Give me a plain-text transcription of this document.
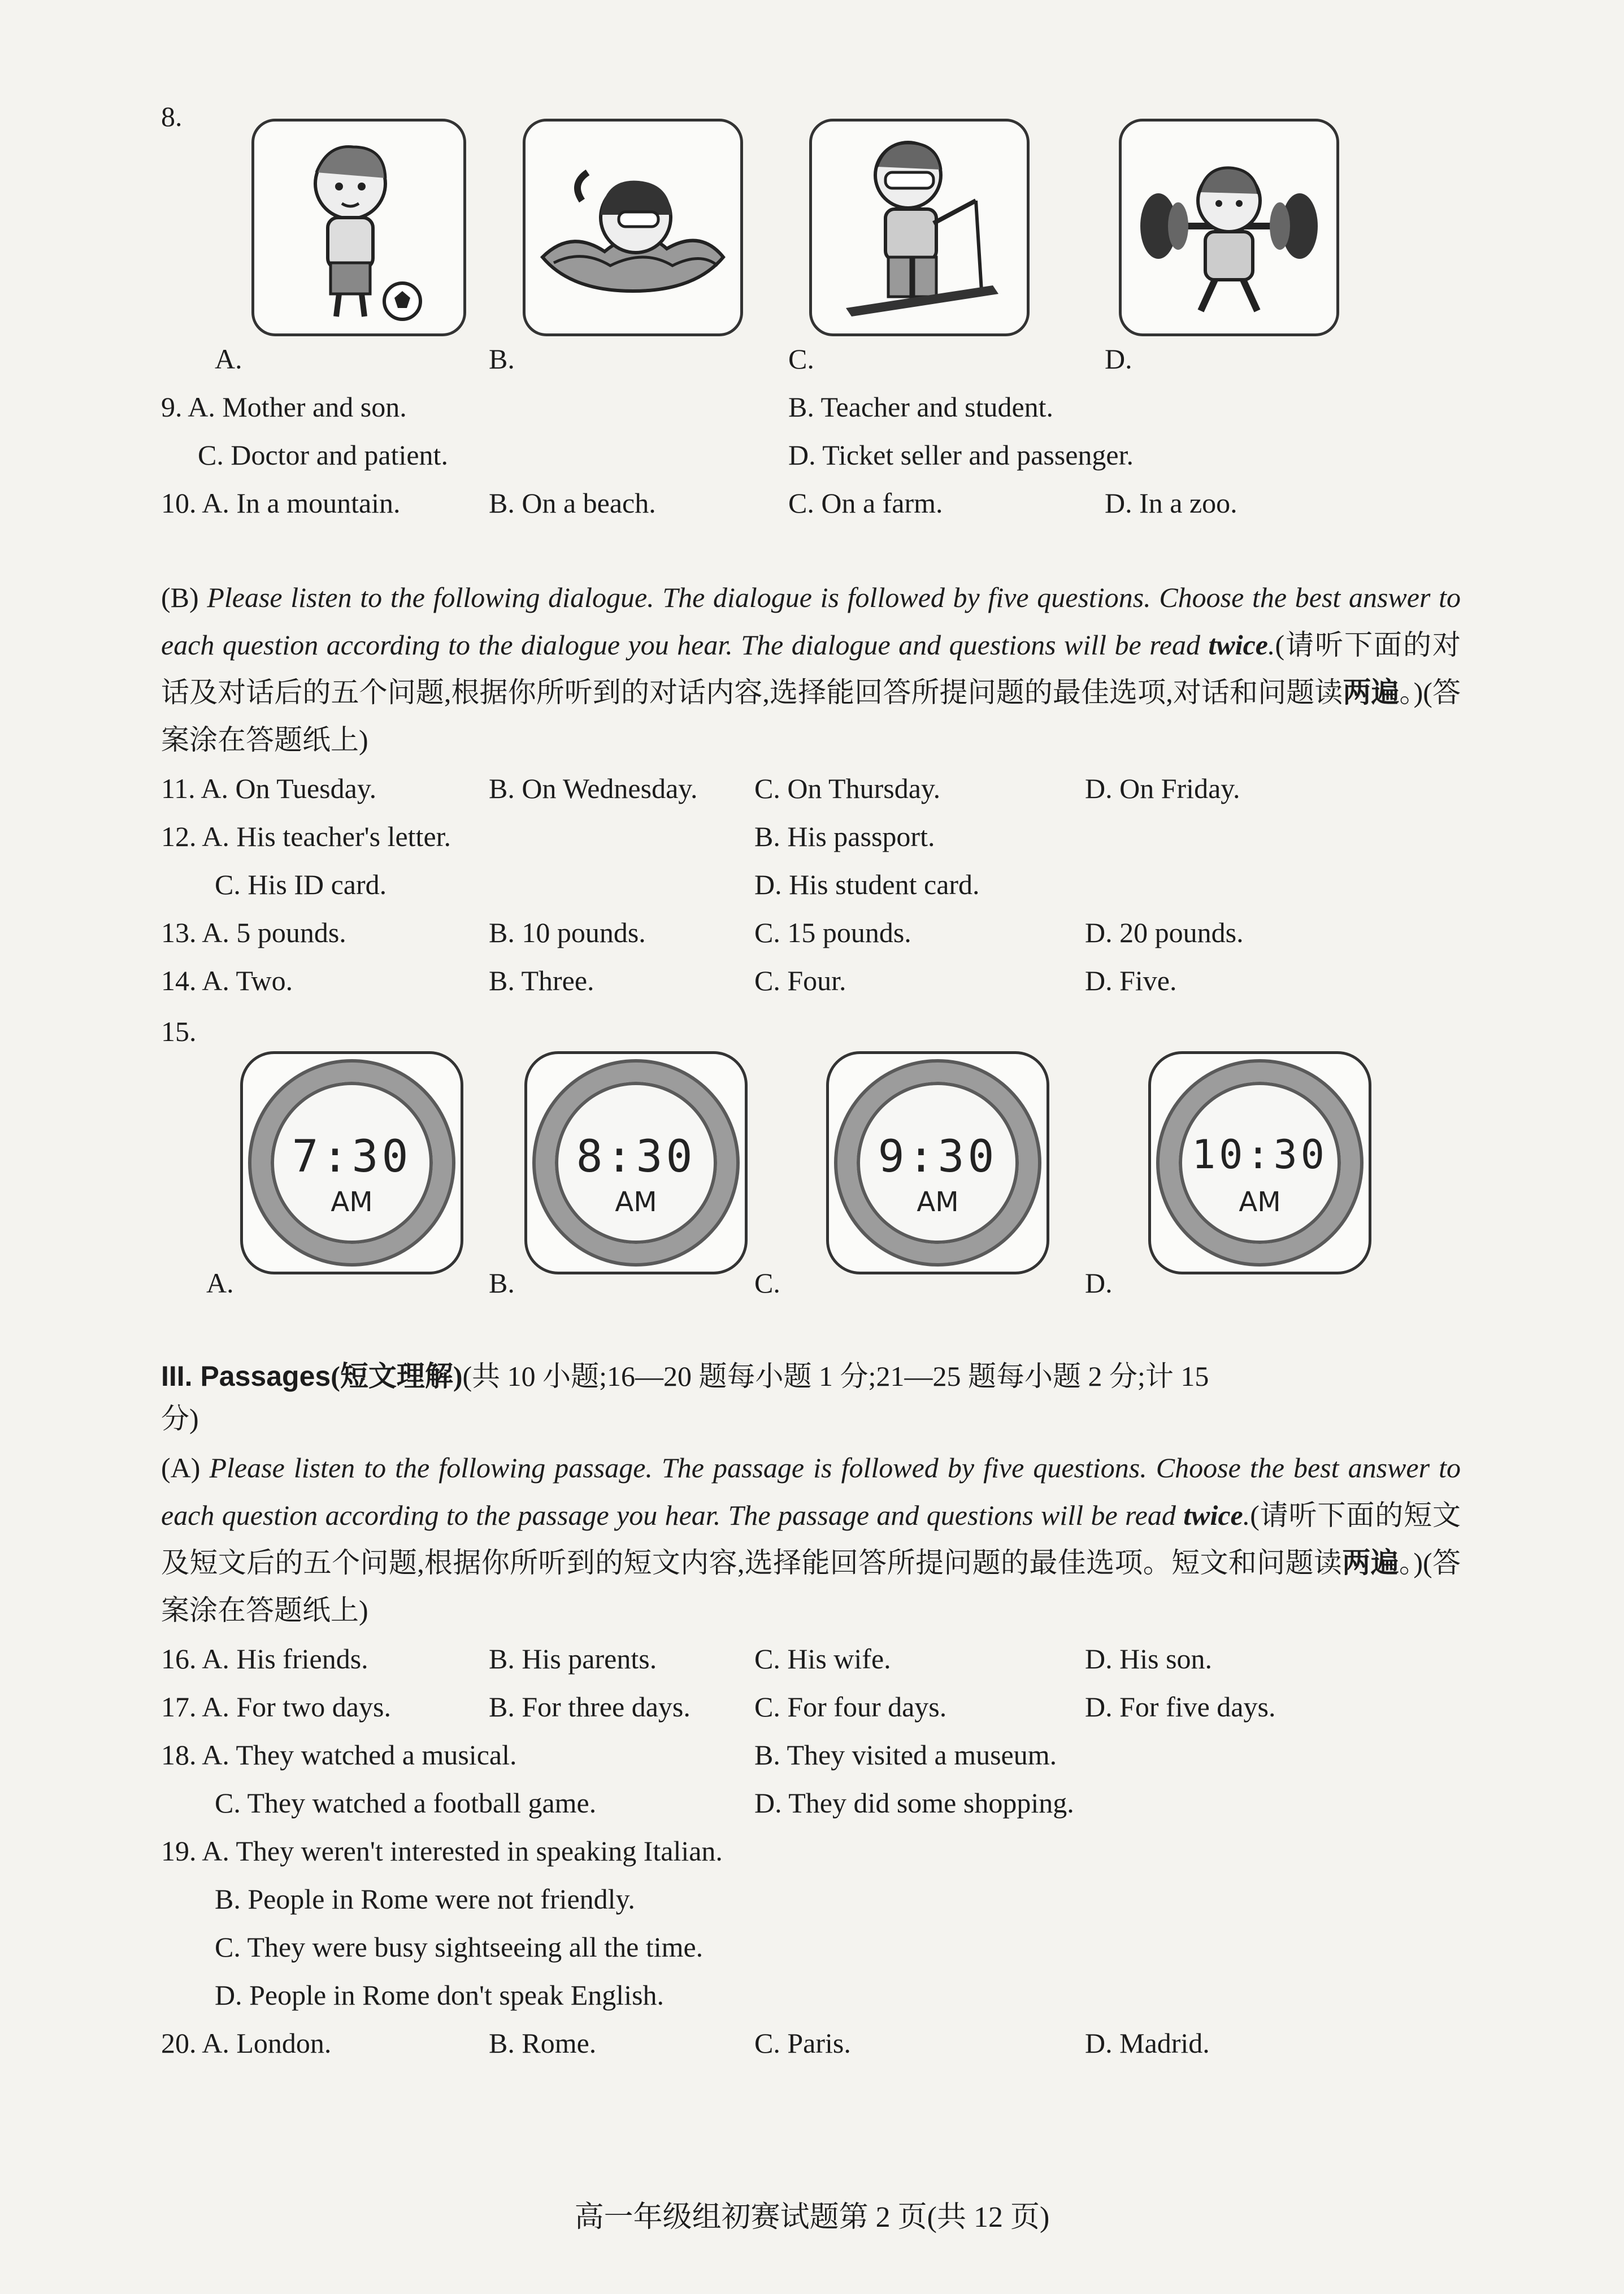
8.
A.	B.	C.	D.
9. A. Mother and son.	B. Teacher and student.
C. Doctor and patient.	D. Ticket seller and passenger.
10. A. In a mountain.	B. On a beach.	C. On a farm.	D. In a zoo.
(B) Please listen to the following dialogue. The dialogue is followed by five questions. Choose the best answer to each question according to the dialogue you hear. The dialogue and questions will be read twice.(请听下面的对话及对话后的五个问题,根据你所听到的对话内容,选择能回答所提问题的最佳选项,对话和问题读两遍。)(答案涂在答题纸上)
11. A. On Tuesday.	B. On Wednesday. C. On Thursday.	D. On Friday.
12. A. His teacher's letter.	B. His passport.
C. His ID card.	D. His student card.
13. A. 5 pounds.	B. 10 pounds.	C. 15 pounds.	D. 20 pounds.
14. A. Two.	B. Three.	C. Four.	D. Five.
15.
7:30
AM
8:30
AM
9:30
AM
10:30
AM
A.	B.	C.	D.
III. Passages(短文理解)(共 10 小题;16—20 题每小题 1 分;21—25 题每小题 2 分;计 15
分)
(A) Please listen to the following passage. The passage is followed by five questions. Choose the best answer to each question according to the passage you hear. The passage and questions will be read twice.(请听下面的短文及短文后的五个问题,根据你所听到的短文内容,选择能回答所提问题的最佳选项。短文和问题读两遍。)(答案涂在答题纸上)
16. A. His friends.	B. His parents.	C. His wife.	D. His son.
17. A. For two days.	B. For three days. C. For four days.	D. For five days.
18. A. They watched a musical.	B. They visited a museum.
C. They watched a football game.	D. They did some shopping.
19. A. They weren't interested in speaking Italian.
B. People in Rome were not friendly.
C. They were busy sightseeing all the time.
D. People in Rome don't speak English.
20. A. London.	B. Rome.	C. Paris.	D. Madrid.
高一年级组初赛试题第 2 页(共 12 页)
